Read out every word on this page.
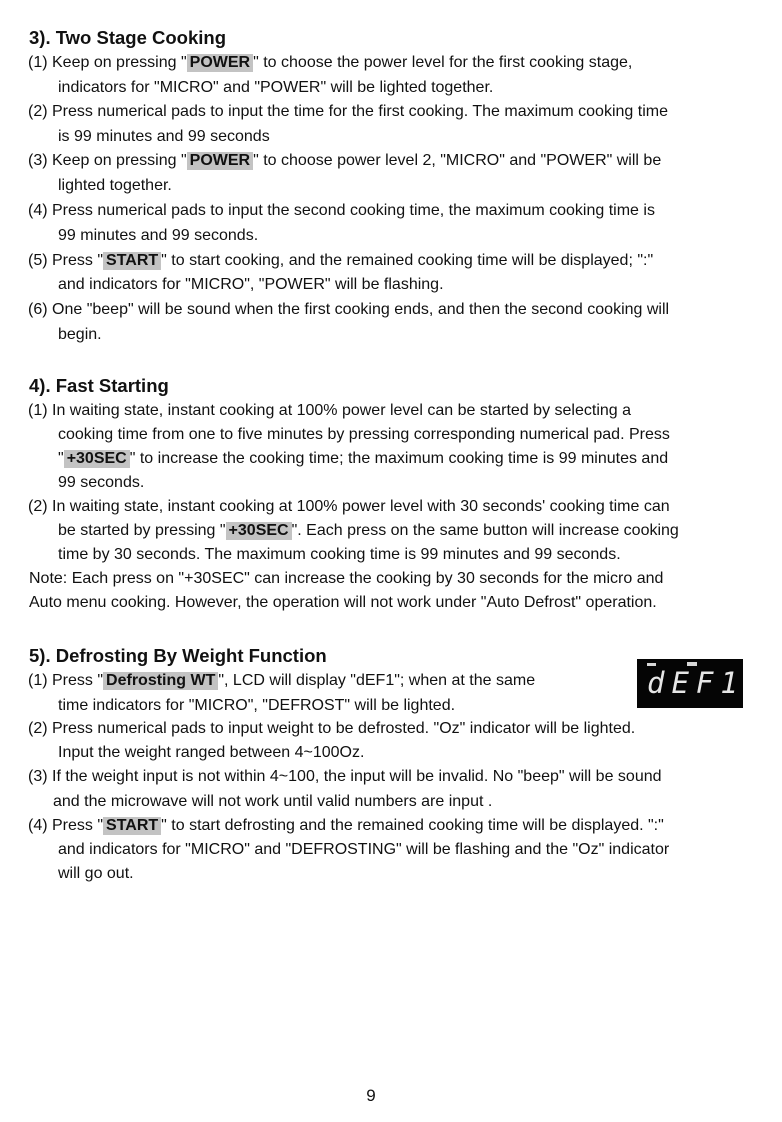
3). Two Stage Cooking

(1) Keep on pressing " POWER " to choose the power level for the first cooking stage,

indicators for "MICRO" and "POWER" will be lighted together.

(2) Press numerical pads to input the time for the first cooking. The maximum cooking time

is 99 minutes and 99 seconds

(3) Keep on pressing " POWER " to choose power level 2, "MICRO" and "POWER" will be

lighted together.

(4) Press numerical pads to input the second cooking time, the maximum cooking time is

99 minutes and 99 seconds.

(5) Press " START " to start cooking, and the remained cooking time will be displayed; ":"

and indicators for "MICRO", "POWER" will be flashing.

(6) One "beep" will be sound when the first cooking ends, and then the second cooking will

begin.

4). Fast Starting

(1) In waiting state, instant cooking at 100% power level can be started by selecting a

cooking time from one to five minutes by pressing corresponding numerical pad. Press

" +30SEC " to increase the cooking time; the maximum cooking time is 99 minutes and

99 seconds.

(2) In waiting state, instant cooking at 100% power level with 30 seconds' cooking time can

be started by pressing " +30SEC ". Each press on the same button will increase cooking

time by 30 seconds. The maximum cooking time is 99 minutes and 99 seconds.

Note: Each press on "+30SEC" can increase the cooking by 30 seconds for the micro and

Auto menu cooking. However, the operation will not work under "Auto Defrost" operation.

5). Defrosting By Weight Function
dEF1

(1) Press " Defrosting WT ", LCD will display "dEF1"; when at the same

time indicators for "MICRO", "DEFROST" will be lighted.

(2) Press numerical pads to input weight to be defrosted. "Oz" indicator will be lighted.

Input the weight ranged between 4~100Oz.

(3) If the weight input is not within 4~100, the input will be invalid. No "beep" will be sound

and the microwave will not work until valid numbers are input .

(4) Press " START " to start defrosting and the remained cooking time will be displayed. ":"

and indicators for "MICRO" and "DEFROSTING" will be flashing and the "Oz" indicator

will go out.

9
